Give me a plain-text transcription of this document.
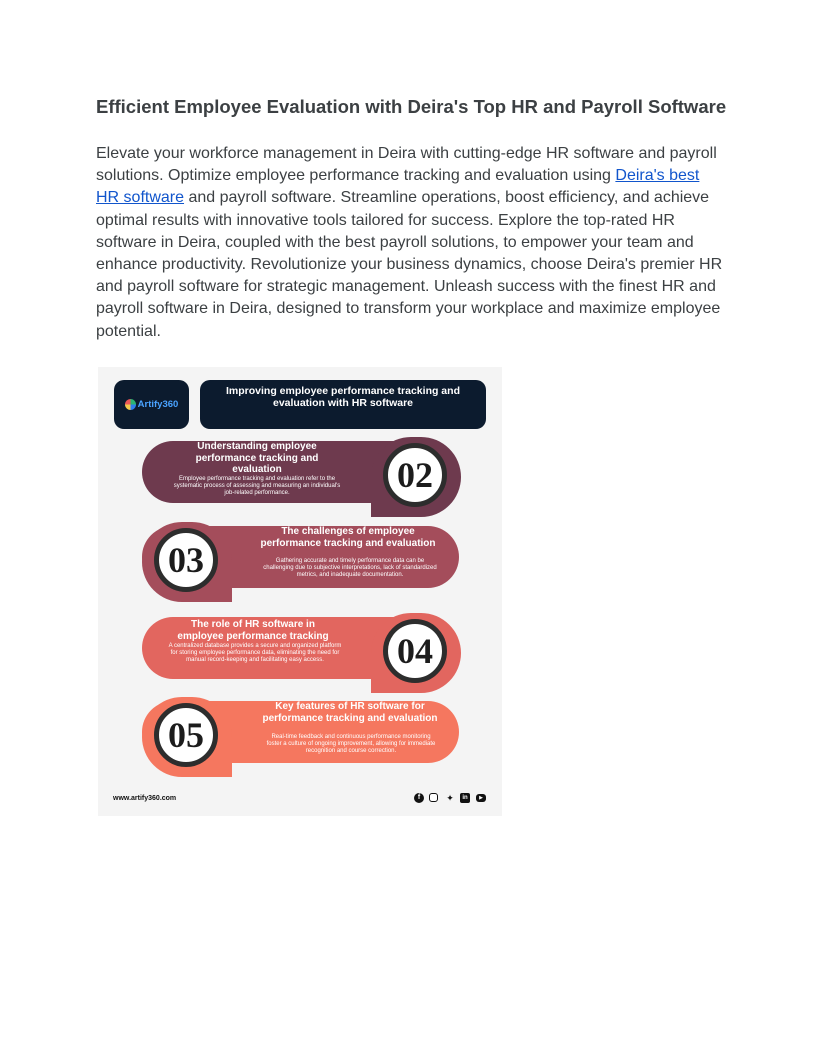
Efficient Employee Evaluation with Deira's Top HR and Payroll Software

Elevate your workforce management in Deira with cutting-edge HR software and payroll solutions. Optimize employee performance tracking and evaluation using Deira's best HR software and payroll software. Streamline operations, boost efficiency, and achieve optimal results with innovative tools tailored for success. Explore the top-rated HR software in Deira, coupled with the best payroll solutions, to empower your team and enhance productivity. Revolutionize your business dynamics, choose Deira's premier HR and payroll software for strategic management. Unleash success with the finest HR and payroll software in Deira, designed to transform your workplace and maximize employee potential.

Artify360
Improving employee performance tracking and evaluation with HR software
Understanding employee performance tracking and evaluation
Employee performance tracking and evaluation refer to the systematic process of assessing and measuring an individual's job-related performance.	02
The challenges of employee performance tracking and evaluation
Gathering accurate and timely performance data can be challenging due to subjective interpretations, lack of standardized metrics, and inadequate documentation.
03
The role of HR software in employee performance tracking
A centralized database provides a secure and organized platform for storing employee performance data, eliminating the need for manual record-keeping and facilitating easy access.	04
Key features of HR software for performance tracking and evaluation
Real-time feedback and continuous performance monitoring foster a culture of ongoing improvement, allowing for immediate recognition and course correction.
05
www.artify360.com	f	✦	in	▶
